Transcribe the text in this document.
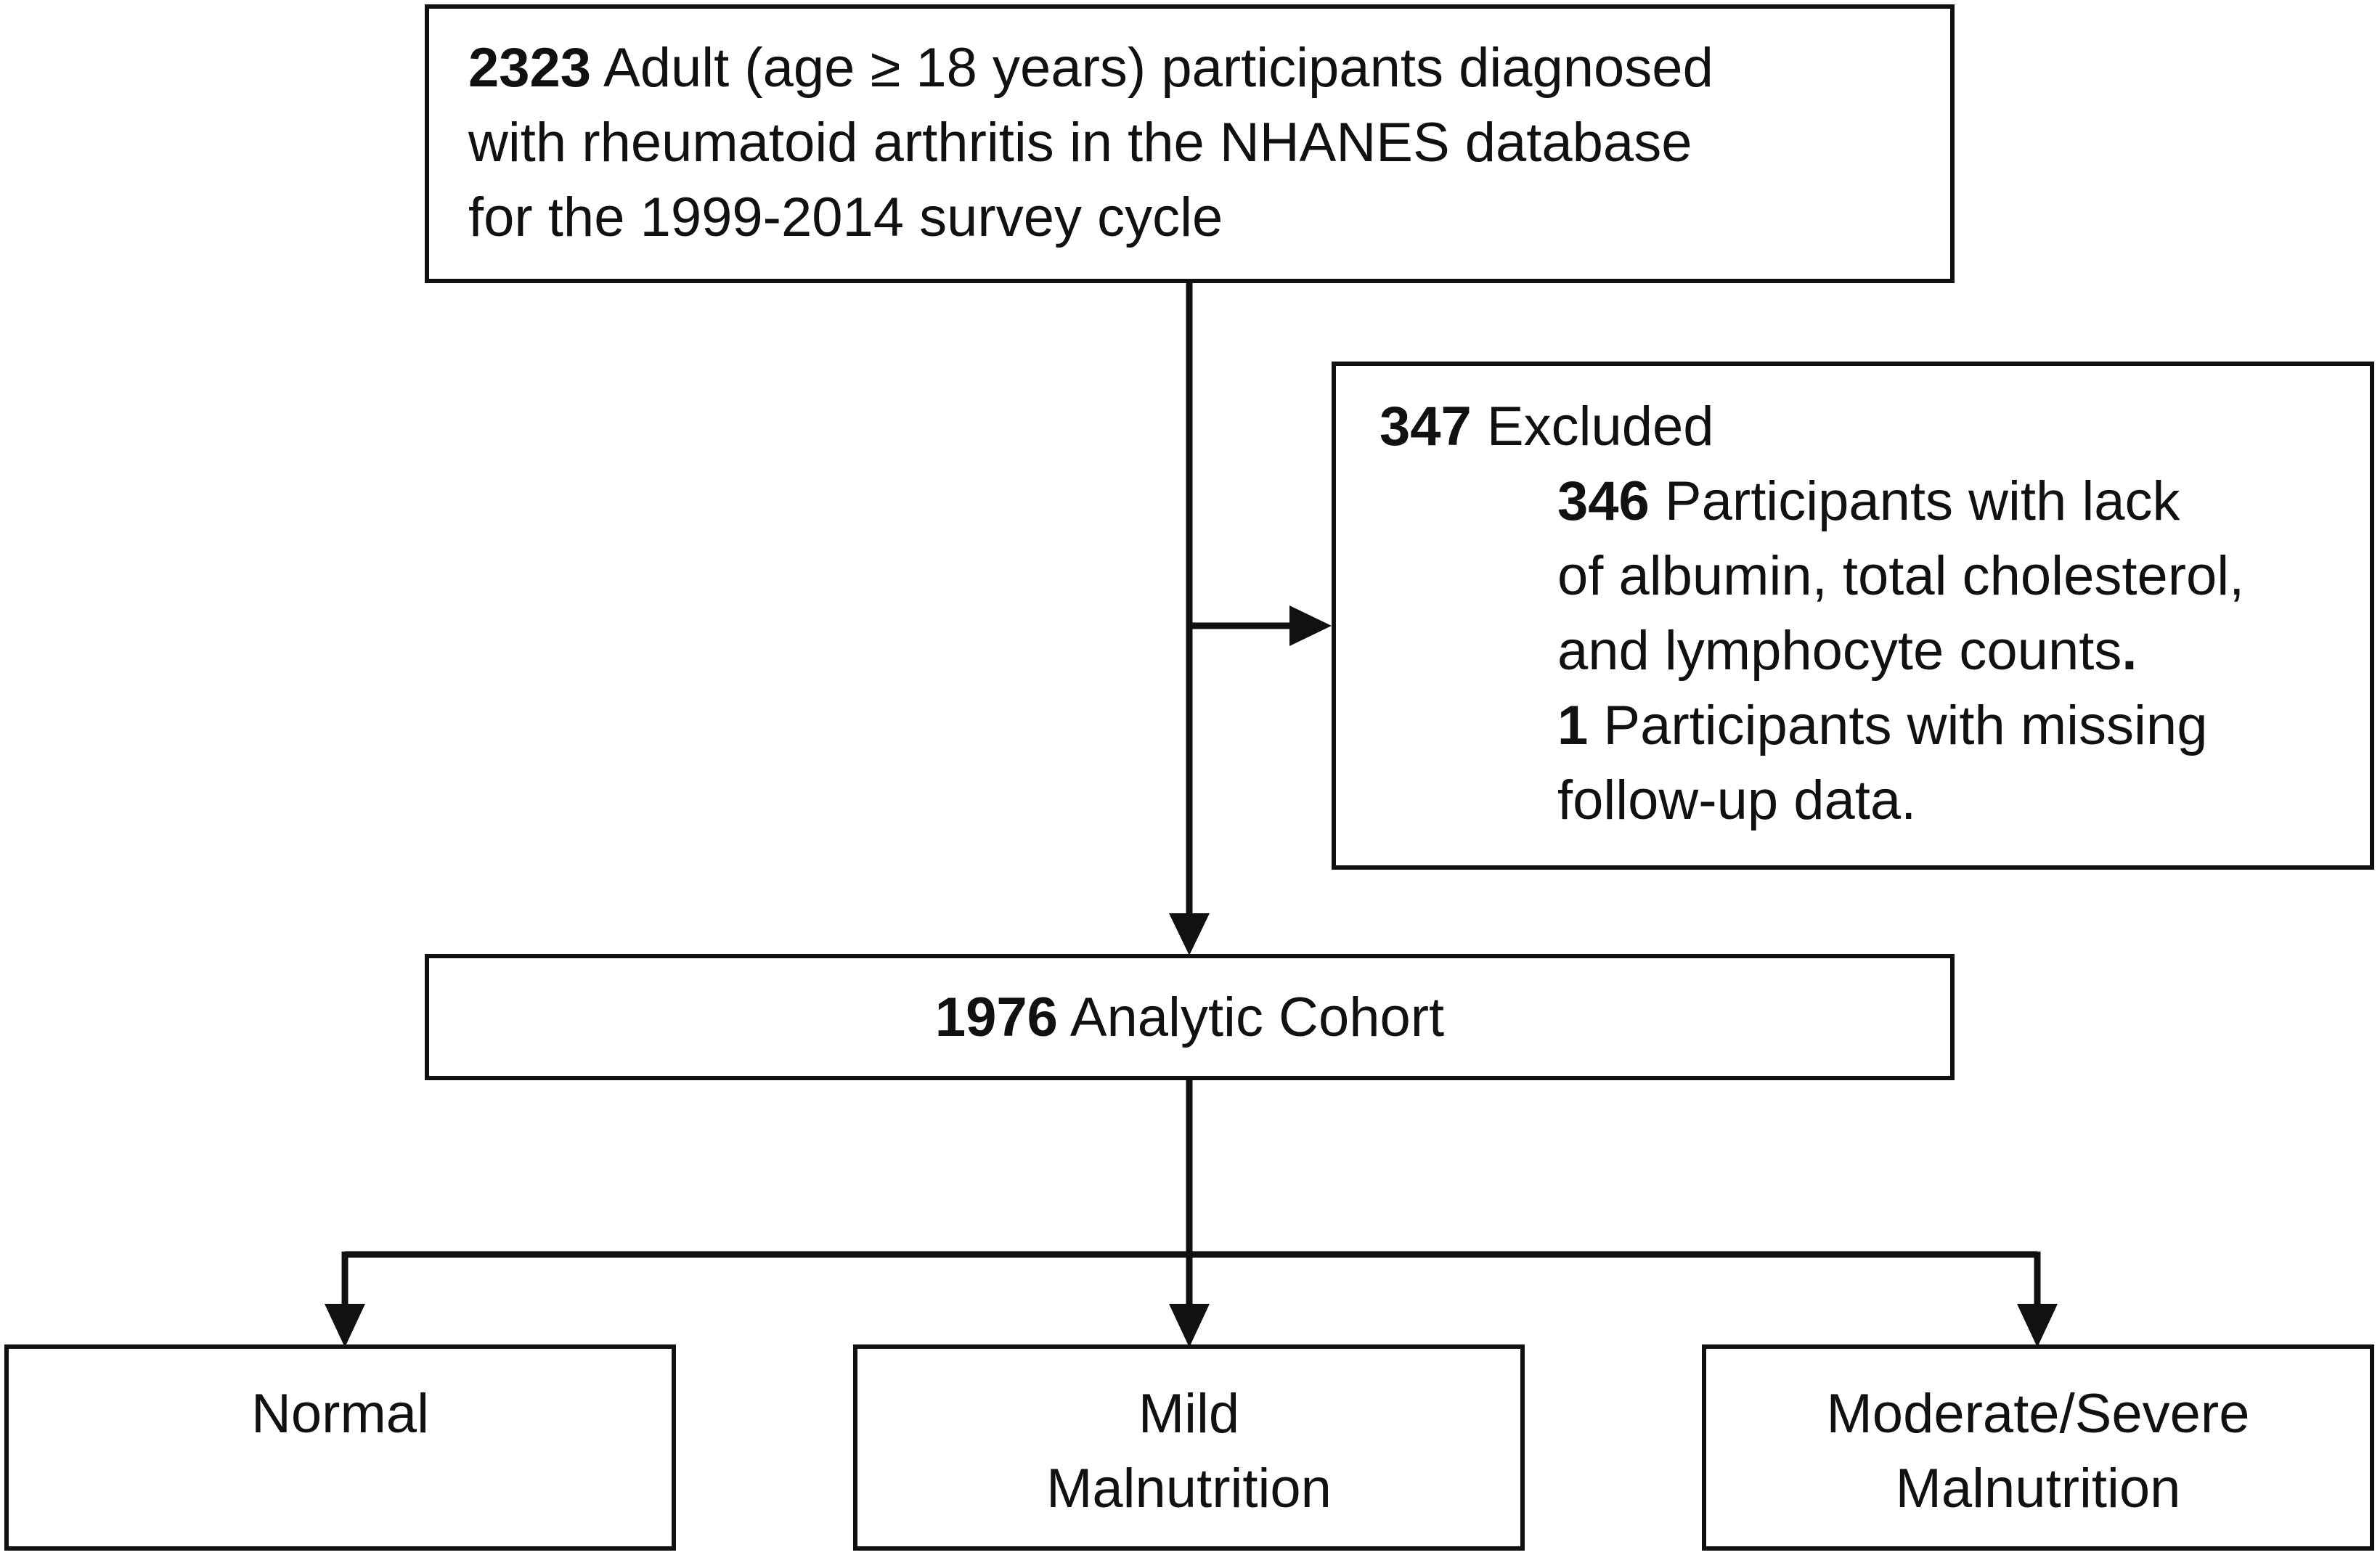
2323 Adult (age ≥ 18 years) participants diagnosed
with rheumatoid arthritis in the NHANES database
for the 1999-2014 survey cycle
347 Excluded
346 Participants with lack
of albumin, total cholesterol,
and lymphocyte counts.
1 Participants with missing
follow-up data.
1976 Analytic Cohort
Normal	Mild
Malnutrition
Moderate/Severe
Malnutrition
